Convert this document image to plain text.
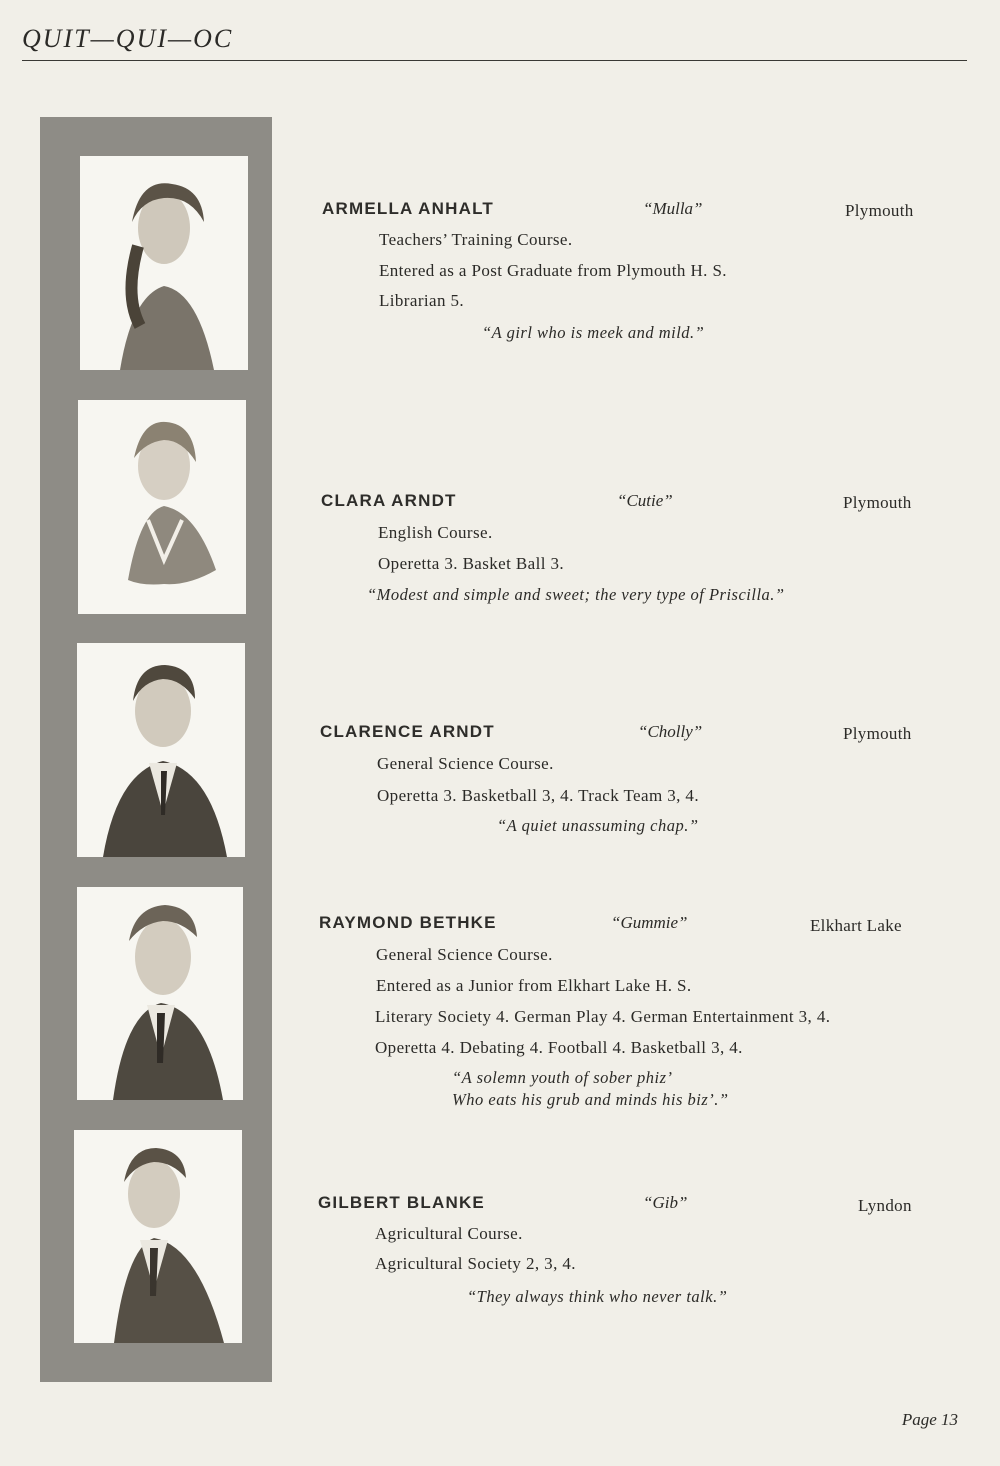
QUIT—QUI—OC
ARMELLA ANHALT	“Mulla”	Plymouth
Teachers’ Training Course.
Entered as a Post Graduate from Plymouth H. S.
Librarian 5.
“A girl who is meek and mild.”
CLARA ARNDT	“Cutie”	Plymouth
English Course.
Operetta 3. Basket Ball 3.
“Modest and simple and sweet; the very type of Priscilla.”
CLARENCE ARNDT	“Cholly”	Plymouth
General Science Course.
Operetta 3. Basketball 3, 4. Track Team 3, 4.
“A quiet unassuming chap.”
RAYMOND BETHKE	“Gummie”	Elkhart Lake
General Science Course.
Entered as a Junior from Elkhart Lake H. S.
Literary Society 4. German Play 4. German Entertainment 3, 4.
Operetta 4. Debating 4. Football 4. Basketball 3, 4.
“A solemn youth of sober phiz’
Who eats his grub and minds his biz’.”
GILBERT BLANKE	“Gib”	Lyndon
Agricultural Course.
Agricultural Society 2, 3, 4.
“They always think who never talk.”
Page 13
